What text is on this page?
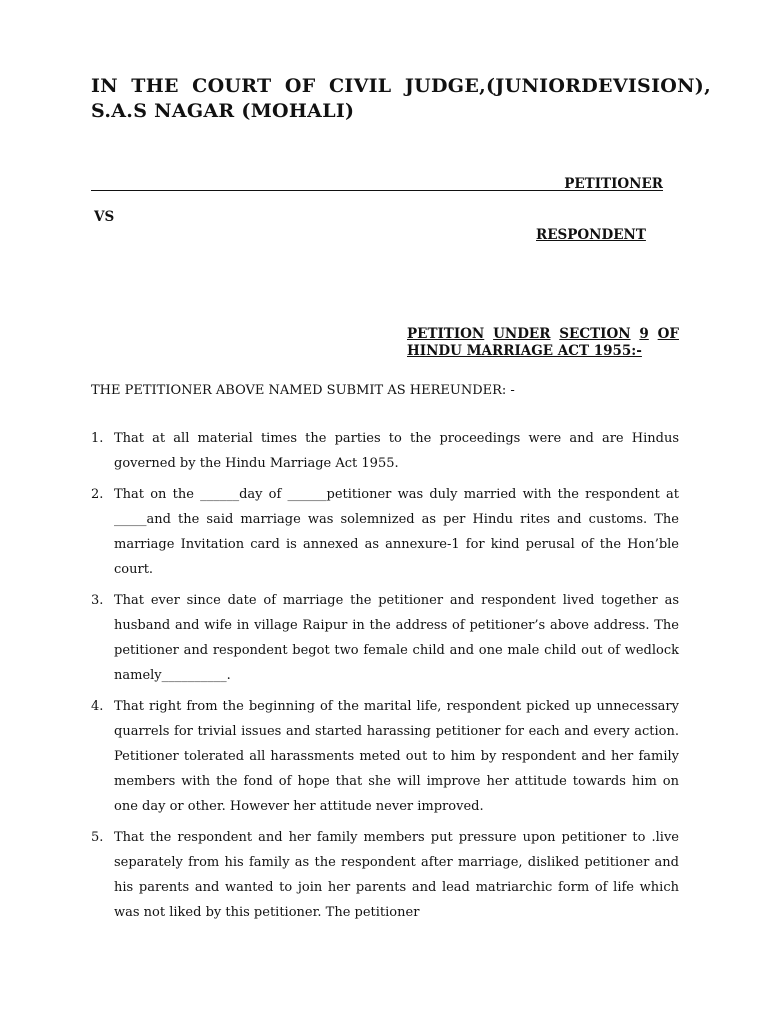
IN THE COURT OF CIVIL JUDGE,(JUNIORDEVISION),
S.A.S NAGAR (MOHALI)
PETITIONER
VS
RESPONDENT
PETITION UNDER SECTION 9 OF
HINDU MARRIAGE ACT 1955:-
THE PETITIONER ABOVE NAMED SUBMIT AS HEREUNDER: -
1. That at all material times the parties to the proceedings were and are Hindus governed by the Hindu Marriage Act 1955.
2. That on the ______day of ______petitioner was duly married with the respondent at _____and the said marriage was solemnized as per Hindu rites and customs. The marriage Invitation card is annexed as annexure-1 for kind perusal of the Hon’ble court.
3. That ever since date of marriage the petitioner and respondent lived together as husband and wife in village Raipur in the address of petitioner’s above address. The petitioner and respondent begot two female child and one male child out of wedlock namely__________.
4. That right from the beginning of the marital life, respondent picked up unnecessary quarrels for trivial issues and started harassing petitioner for each and every action. Petitioner tolerated all harassments meted out to him by respondent and her family members with the fond of hope that she will improve her attitude towards him on one day or other. However her attitude never improved.
5. That the respondent and her family members put pressure upon petitioner to .live separately from his family as the respondent after marriage, disliked petitioner and his parents and wanted to join her parents and lead matriarchic form of life which was not liked by this petitioner. The petitioner
